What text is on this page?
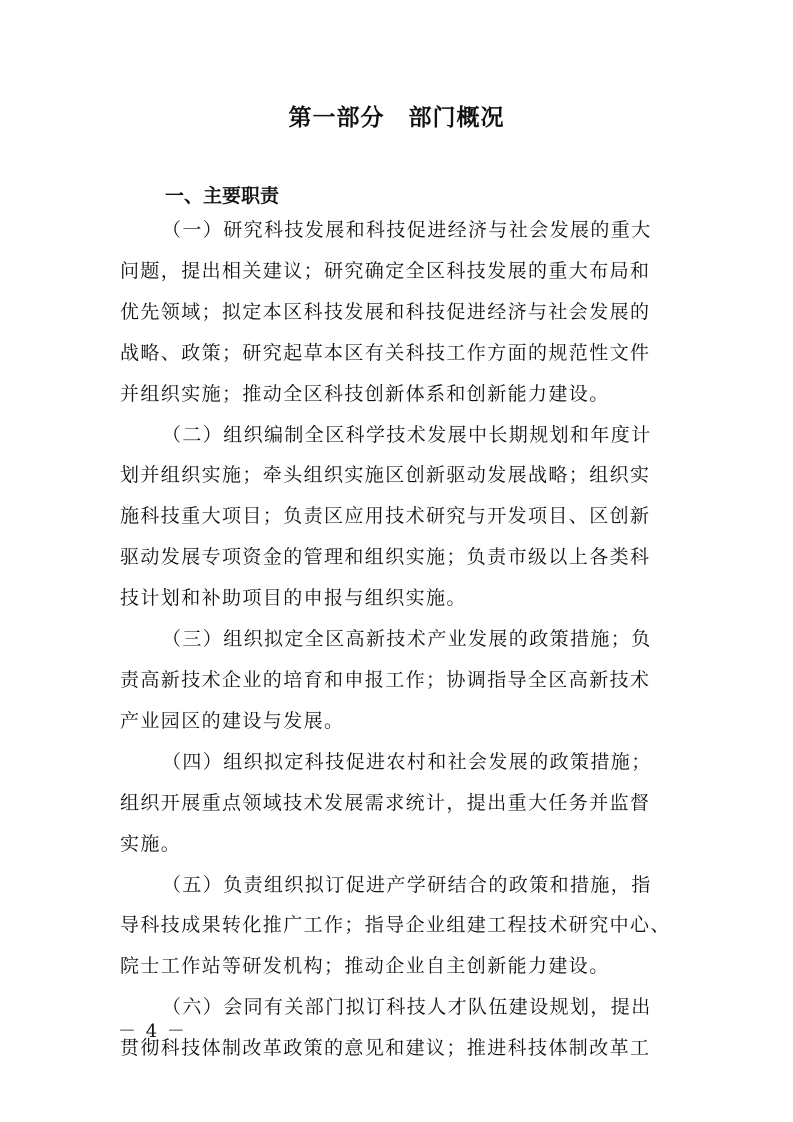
第一部分　部门概况
一、主要职责
（一）研究科技发展和科技促进经济与社会发展的重大
问题，提出相关建议；研究确定全区科技发展的重大布局和
优先领域；拟定本区科技发展和科技促进经济与社会发展的
战略、政策；研究起草本区有关科技工作方面的规范性文件
并组织实施；推动全区科技创新体系和创新能力建设。
（二）组织编制全区科学技术发展中长期规划和年度计
划并组织实施；牵头组织实施区创新驱动发展战略；组织实
施科技重大项目；负责区应用技术研究与开发项目、区创新
驱动发展专项资金的管理和组织实施；负责市级以上各类科
技计划和补助项目的申报与组织实施。
（三）组织拟定全区高新技术产业发展的政策措施；负
责高新技术企业的培育和申报工作；协调指导全区高新技术
产业园区的建设与发展。
（四）组织拟定科技促进农村和社会发展的政策措施；
组织开展重点领域技术发展需求统计，提出重大任务并监督
实施。
（五）负责组织拟订促进产学研结合的政策和措施，指
导科技成果转化推广工作；指导企业组建工程技术研究中心、
院士工作站等研发机构；推动企业自主创新能力建设。
（六）会同有关部门拟订科技人才队伍建设规划，提出
贯彻科技体制改革政策的意见和建议；推进科技体制改革工
－ 4 －
